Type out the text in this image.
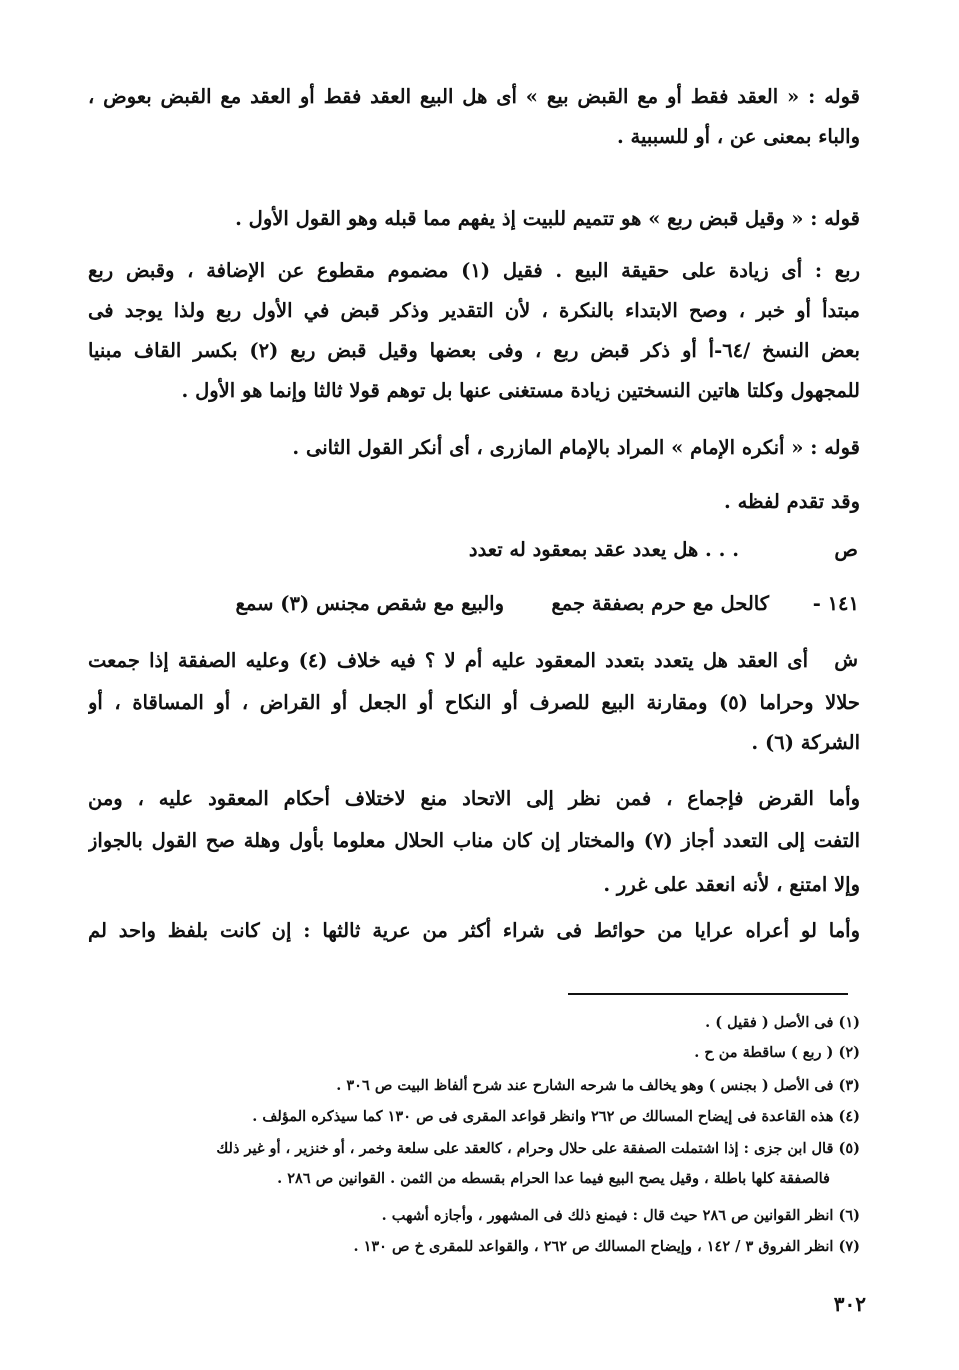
قوله : « العقد فقط أو مع القبض بيع » أى هل البيع العقد فقط أو العقد مع القبض بعوض ،
والباء بمعنى عن ، أو للسببية .
قوله : « وقيل قبض ربع » هو تتميم للبيت إذ يفهم مما قبله وهو القول الأول .
ربع : أى زيادة على حقيقة البيع . فقيل (١) مضموم مقطوع عن الإضافة ، وقبض ربع
مبتدأ أو خبر ، وصح الابتداء بالنكرة ، لأن التقدير وذكر قبض في الأول ربع ولذا يوجد فى
بعض النسخ /٦٤-أ أو ذكر قبض ربع ، وفى بعضها وقيل قبض ربع (٢) بكسر القاف مبنيا
للمجهول وكلتا هاتين النسختين زيادة مستغنى عنها بل توهم قولا ثالثا وإنما هو الأول .
قوله : « أنكره الإمام » المراد بالإمام المازرى ، أى أنكر القول الثانى .
وقد تقدم لفظه .
ص
. . . هل يعدد عقد بمعقود له تعدد
١٤١ -
كالحل مع حرم بصفقة جمع
والبيع مع شقص مجنس (٣) سمع
ش
أى العقد هل يتعدد بتعدد المعقود عليه أم لا ؟ فيه خلاف (٤) وعليه الصفقة إذا جمعت
حلالا وحراما (٥) ومقارنة البيع للصرف أو النكاح أو الجعل أو القراض ، أو المساقاة ، أو
الشركة (٦) .
وأما القرض فإجماع ، فمن نظر إلى الاتحاد منع لاختلاف أحكام المعقود عليه ، ومن
التفت إلى التعدد أجاز (٧) والمختار إن كان مناب الحلال معلوما بأول وهلة صح القول بالجواز
وإلا امتنع ، لأنه انعقد على غرر .
وأما لو أعراه عرايا من حوائط فى شراء أكثر من عرية ثالثها : إن كانت بلفظ واحد لم
(١) فى الأصل ( فقيل ) .
(٢) ( ربع ) ساقطة من ح .
(٣) فى الأصل ( بجنس ) وهو يخالف ما شرحه الشارح عند شرح ألفاظ البيت ص ٣٠٦ .
(٤) هذه القاعدة فى إيضاح المسالك ص ٢٦٢ وانظر قواعد المقرى فى ص ١٣٠ كما سيذكره المؤلف .
(٥) قال ابن جزى : إذا اشتملت الصفقة على حلال وحرام ، كالعقد على سلعة وخمر ، أو خنزير ، أو غير ذلك
فالصفقة كلها باطلة ، وقيل يصح البيع فيما عدا الحرام بقسطه من الثمن . القوانين ص ٢٨٦ .
(٦) انظر القوانين ص ٢٨٦ حيث قال : فيمنع ذلك فى المشهور ، وأجازه أشهب .
(٧) انظر الفروق ٣ / ١٤٢ ، وإيضاح المسالك ص ٢٦٢ ، والقواعد للمقرى خ ص ١٣٠ .
٣٠٢
